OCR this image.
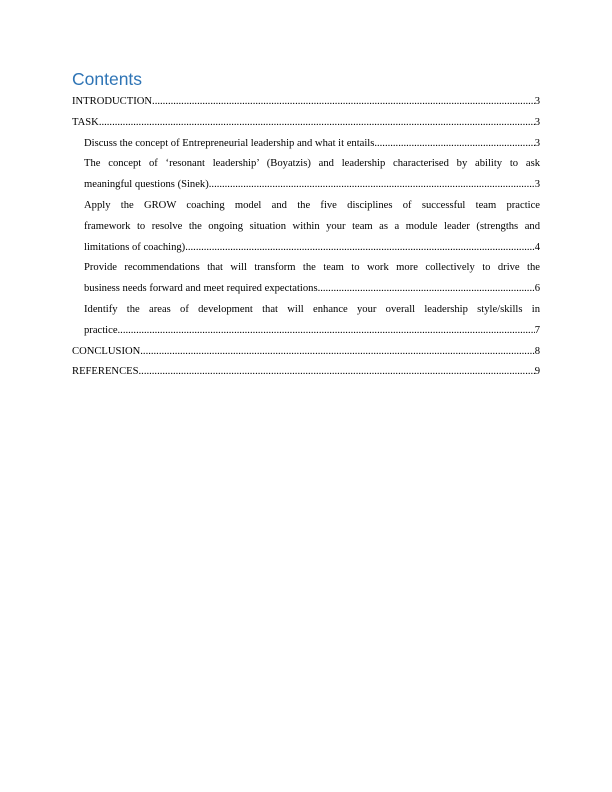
Contents
INTRODUCTION .....	3
TASK .....	3
Discuss the concept of Entrepreneurial leadership and what it entails .....	3
The concept of ‘resonant leadership’ (Boyatzis) and leadership characterised by ability to ask
meaningful questions (Sinek) .....	3
Apply the GROW coaching model and the five disciplines of successful team practice
framework to resolve the ongoing situation within your team as a module leader (strengths and
limitations of coaching) .....	4
Provide recommendations that will transform the team to work more collectively to drive the
business needs forward and meet required expectations .....	6
Identify the areas of development that will enhance your overall leadership style/skills in
practice .....	7
CONCLUSION .....	8
REFERENCES .....	9
